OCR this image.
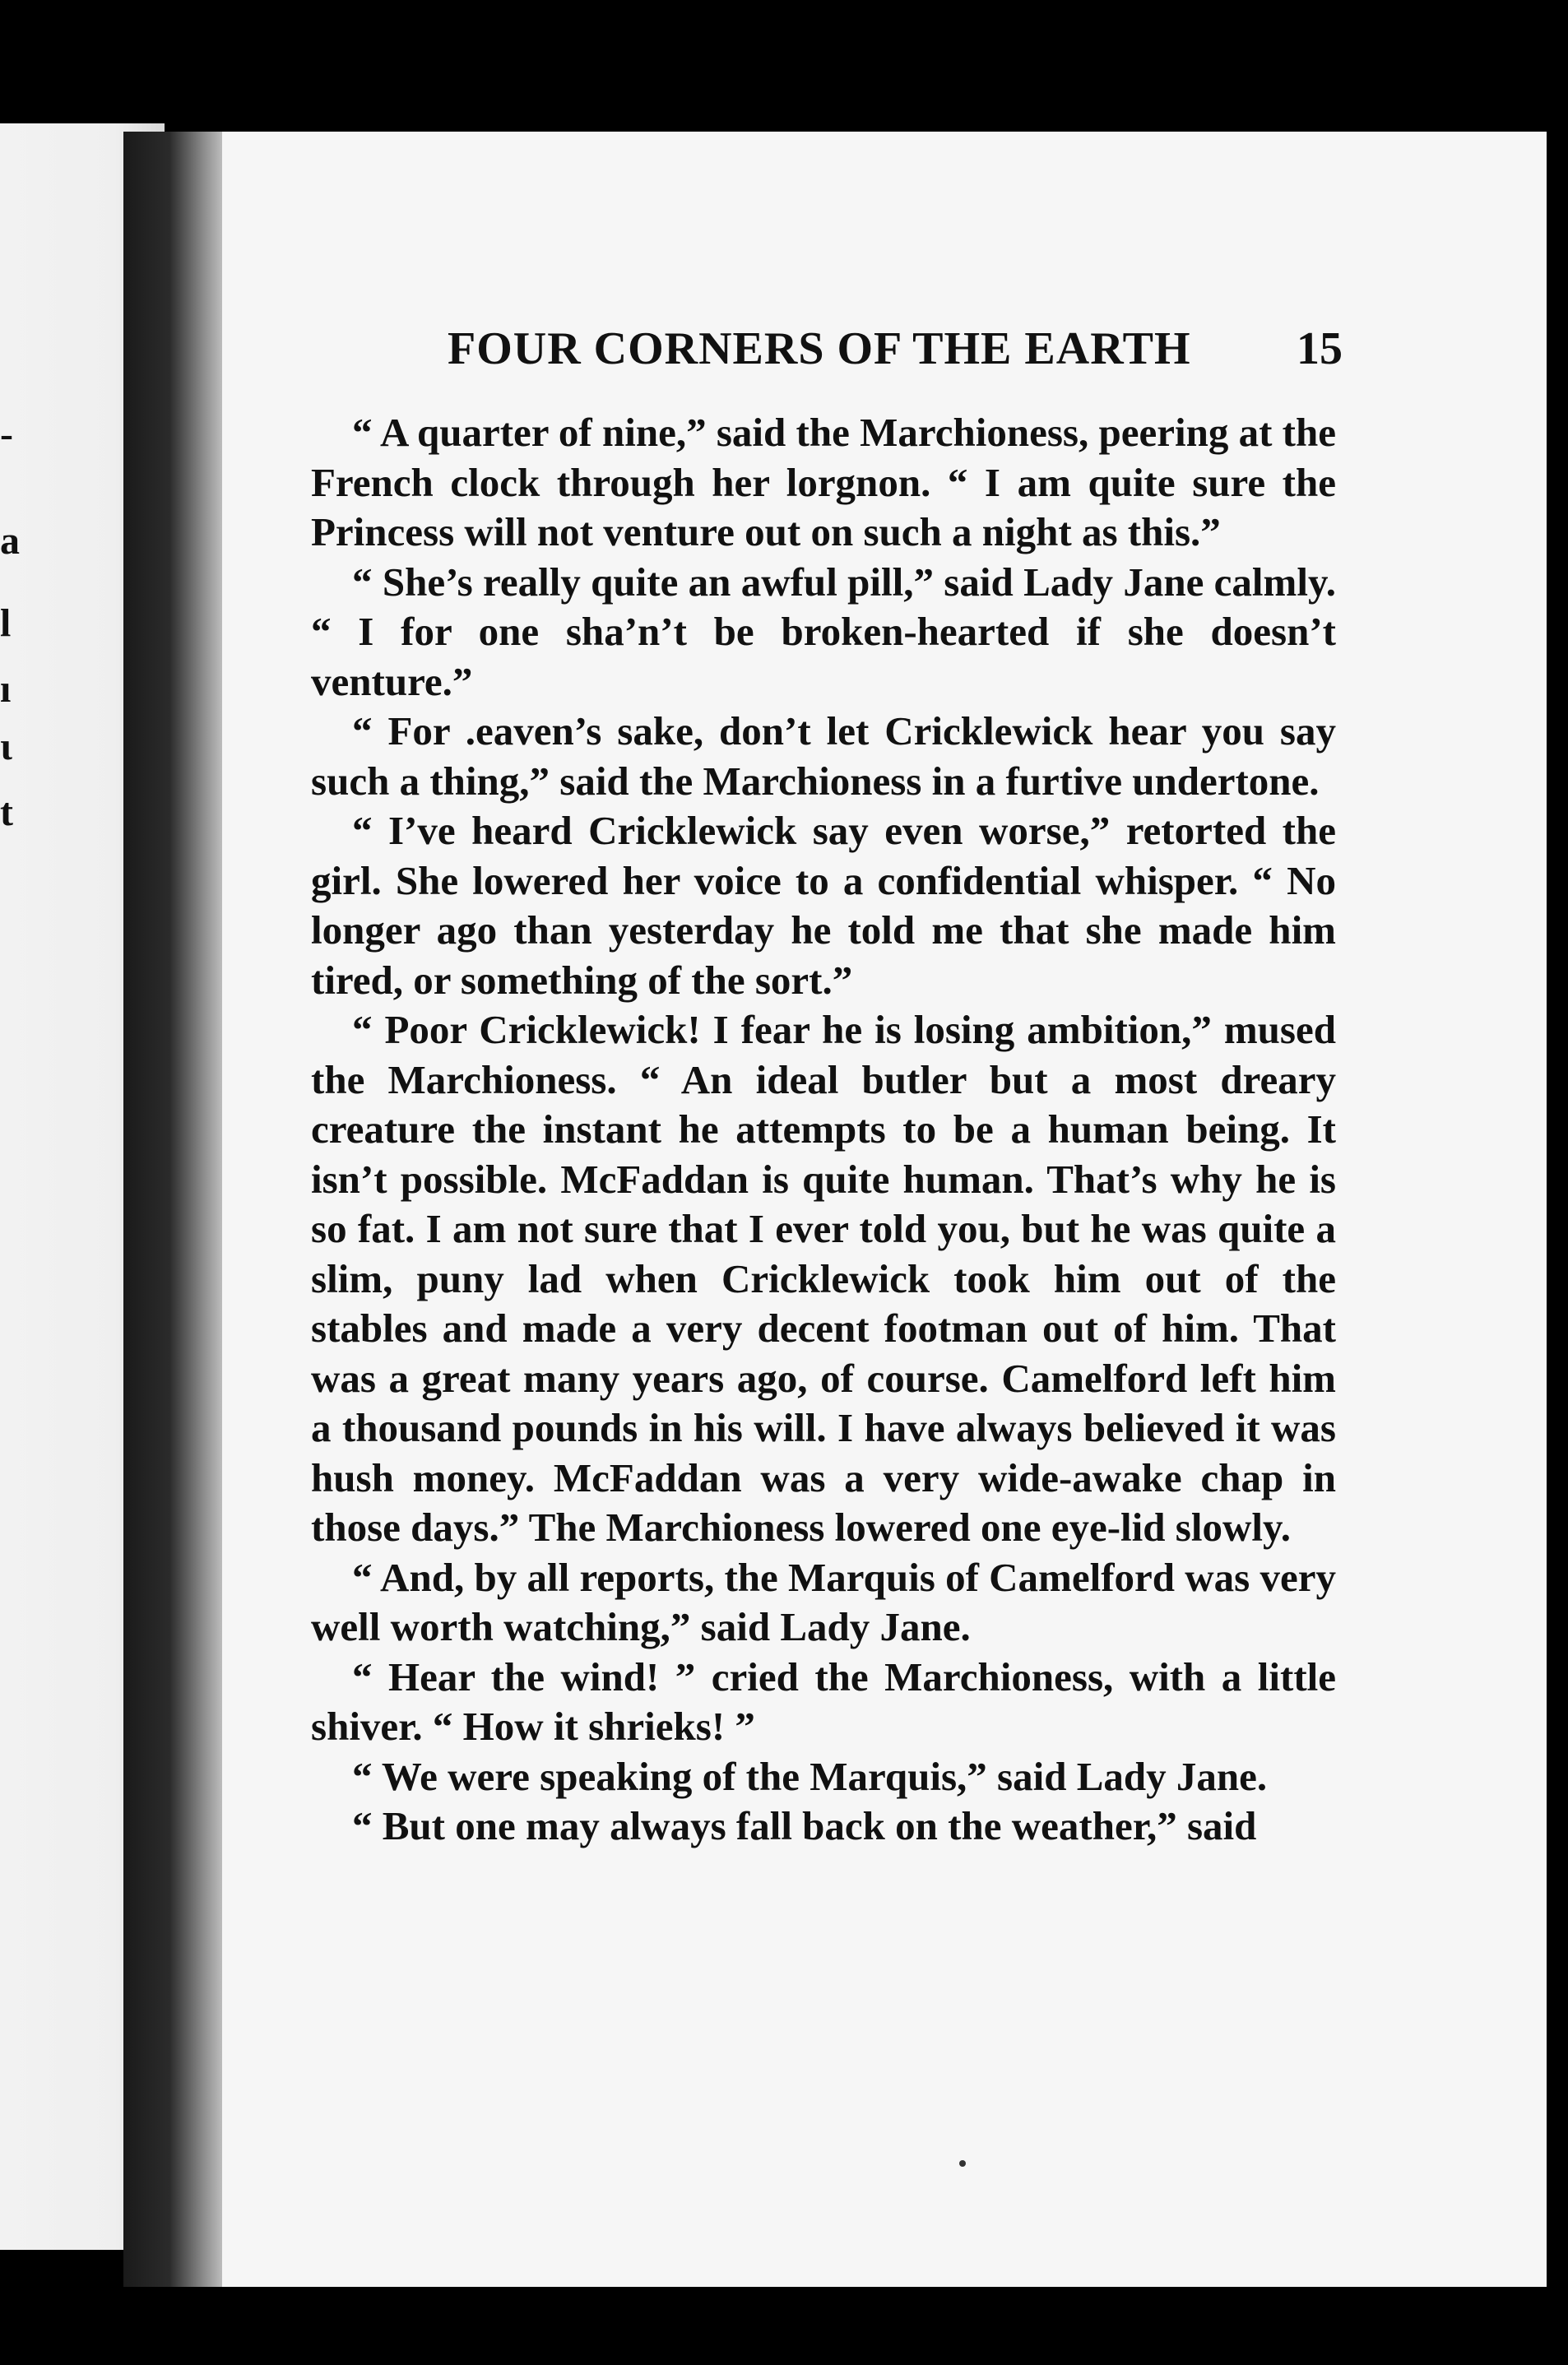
-
a
l
ı
ι
t
FOUR CORNERS OF THE EARTH 15

“ A quarter of nine,” said the Marchioness, peering at the French clock through her lorgnon. “ I am quite sure the Princess will not venture out on such a night as this.”

“ She’s really quite an awful pill,” said Lady Jane calmly. “ I for one sha’n’t be broken-hearted if she doesn’t venture.”

“ For .eaven’s sake, don’t let Cricklewick hear you say such a thing,” said the Marchioness in a furtive undertone.

“ I’ve heard Cricklewick say even worse,” retorted the girl. She lowered her voice to a confidential whisper. “ No longer ago than yesterday he told me that she made him tired, or something of the sort.”

“ Poor Cricklewick! I fear he is losing ambition,” mused the Marchioness. “ An ideal butler but a most dreary creature the instant he attempts to be a human being. It isn’t possible. McFaddan is quite human. That’s why he is so fat. I am not sure that I ever told you, but he was quite a slim, puny lad when Cricklewick took him out of the stables and made a very decent footman out of him. That was a great many years ago, of course. Camelford left him a thousand pounds in his will. I have always believed it was hush money. McFaddan was a very wide-awake chap in those days.” The Marchioness lowered one eye-lid slowly.

“ And, by all reports, the Marquis of Camelford was very well worth watching,” said Lady Jane.

“ Hear the wind! ” cried the Marchioness, with a little shiver. “ How it shrieks! ”

“ We were speaking of the Marquis,” said Lady Jane.

“ But one may always fall back on the weather,” said
